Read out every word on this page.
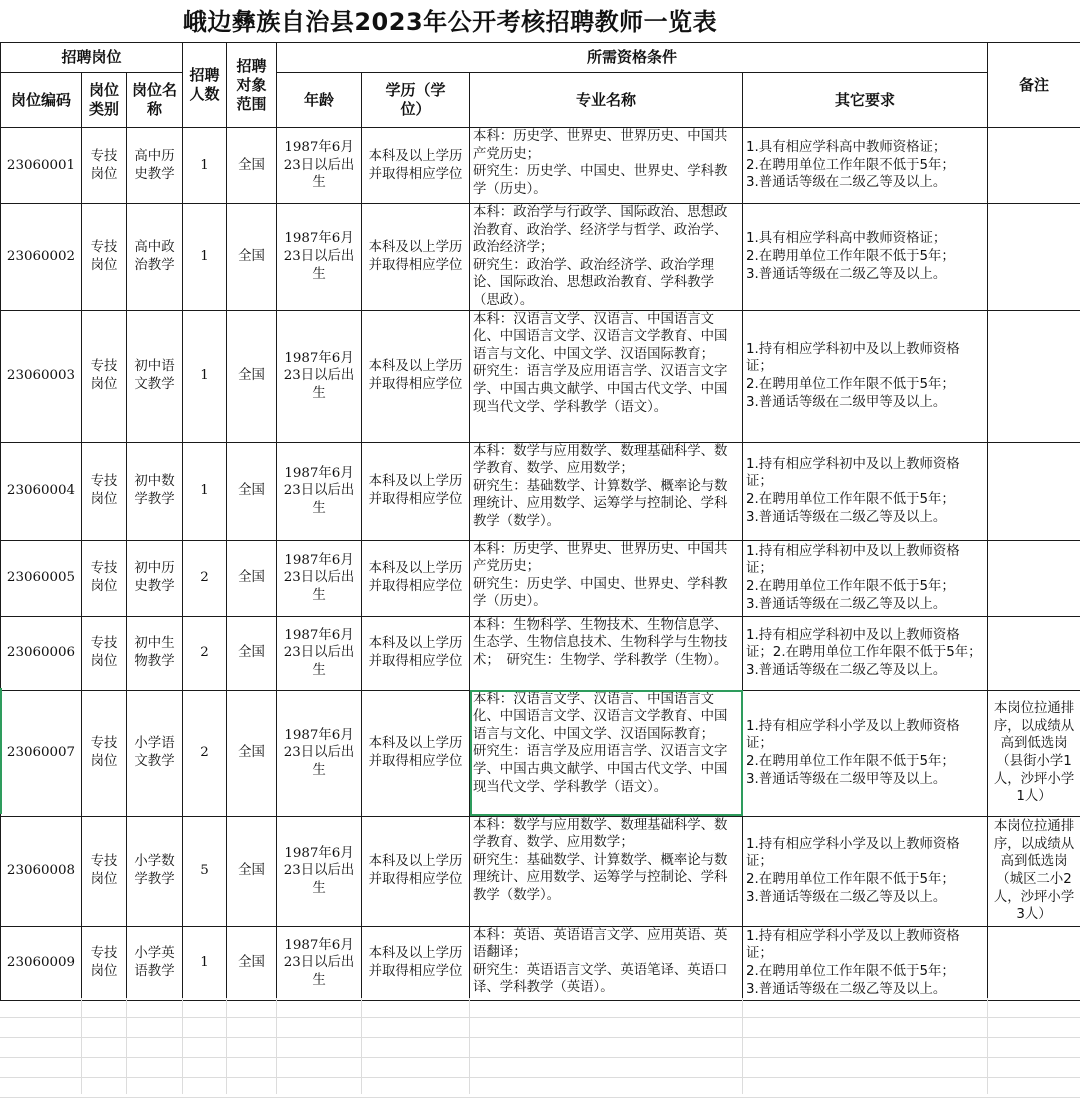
峨边彝族自治县2023年公开考核招聘教师一览表
招聘岗位			招聘人数	招聘对象范围	所需资格条件				备注
岗位编码	岗位类别	岗位名称			年龄	学历（学位）	专业名称	其它要求	

23060001	专技岗位	高中历史教学	1	全国	1987年6月23日以后出生	本科及以上学历并取得相应学位	本科：历史学、世界史、世界历史、中国共产党历史；
研究生：历史学、中国史、世界史、学科教学（历史）。	1.具有相应学科高中教师资格证；
2.在聘用单位工作年限不低于5年；
3.普通话等级在二级乙等及以上。	

23060002	专技岗位	高中政治教学	1	全国	1987年6月23日以后出生	本科及以上学历并取得相应学位	本科：政治学与行政学、国际政治、思想政治教育、政治学、经济学与哲学、政治学、政治经济学；
研究生：政治学、政治经济学、政治学理论、国际政治、思想政治教育、学科教学（思政）。	1.具有相应学科高中教师资格证；
2.在聘用单位工作年限不低于5年；
3.普通话等级在二级乙等及以上。	

23060003	专技岗位	初中语文教学	1	全国	1987年6月23日以后出生	本科及以上学历并取得相应学位	本科：汉语言文学、汉语言、中国语言文化、中国语言文学、汉语言文学教育、中国语言与文化、中国文学、汉语国际教育；
研究生：语言学及应用语言学、汉语言文字学、中国古典文献学、中国古代文学、中国现当代文学、学科教学（语文）。	1.持有相应学科初中及以上教师资格证；
2.在聘用单位工作年限不低于5年；
3.普通话等级在二级甲等及以上。	

23060004	专技岗位	初中数学教学	1	全国	1987年6月23日以后出生	本科及以上学历并取得相应学位	本科：数学与应用数学、数理基础科学、数学教育、数学、应用数学；
研究生：基础数学、计算数学、概率论与数理统计、应用数学、运筹学与控制论、学科教学（数学）。	1.持有相应学科初中及以上教师资格证；
2.在聘用单位工作年限不低于5年；
3.普通话等级在二级乙等及以上。	

23060005	专技岗位	初中历史教学	2	全国	1987年6月23日以后出生	本科及以上学历并取得相应学位	本科：历史学、世界史、世界历史、中国共产党历史；
研究生：历史学、中国史、世界史、学科教学（历史）。	1.持有相应学科初中及以上教师资格证；
2.在聘用单位工作年限不低于5年；
3.普通话等级在二级乙等及以上。	

23060006	专技岗位	初中生物教学	2	全国	1987年6月23日以后出生	本科及以上学历并取得相应学位	本科：生物科学、生物技术、生物信息学、生态学、生物信息技术、生物科学与生物技术；　研究生：生物学、学科教学（生物）。	1.持有相应学科初中及以上教师资格证；2.在聘用单位工作年限不低于5年；
3.普通话等级在二级乙等及以上。	

23060007	专技岗位	小学语文教学	2	全国	1987年6月23日以后出生	本科及以上学历并取得相应学位	本科：汉语言文学、汉语言、中国语言文化、中国语言文学、汉语言文学教育、中国语言与文化、中国文学、汉语国际教育；
研究生：语言学及应用语言学、汉语言文字学、中国古典文献学、中国古代文学、中国现当代文学、学科教学（语文）。	1.持有相应学科小学及以上教师资格证；
2.在聘用单位工作年限不低于5年；
3.普通话等级在二级甲等及以上。	本岗位拉通排序，以成绩从高到低选岗（县街小学1人，沙坪小学1人）

23060008	专技岗位	小学数学教学	5	全国	1987年6月23日以后出生	本科及以上学历并取得相应学位	本科：数学与应用数学、数理基础科学、数学教育、数学、应用数学；
研究生：基础数学、计算数学、概率论与数理统计、应用数学、运筹学与控制论、学科教学（数学）。	1.持有相应学科小学及以上教师资格证；
2.在聘用单位工作年限不低于5年；
3.普通话等级在二级乙等及以上。	本岗位拉通排序，以成绩从高到低选岗（城区二小2人，沙坪小学3人）

23060009	专技岗位	小学英语教学	1	全国	1987年6月23日以后出生	本科及以上学历并取得相应学位	本科：英语、英语语言文学、应用英语、英语翻译；
研究生：英语语言文学、英语笔译、英语口译、学科教学（英语）。	1.持有相应学科小学及以上教师资格证；
2.在聘用单位工作年限不低于5年；
3.普通话等级在二级乙等及以上。	
